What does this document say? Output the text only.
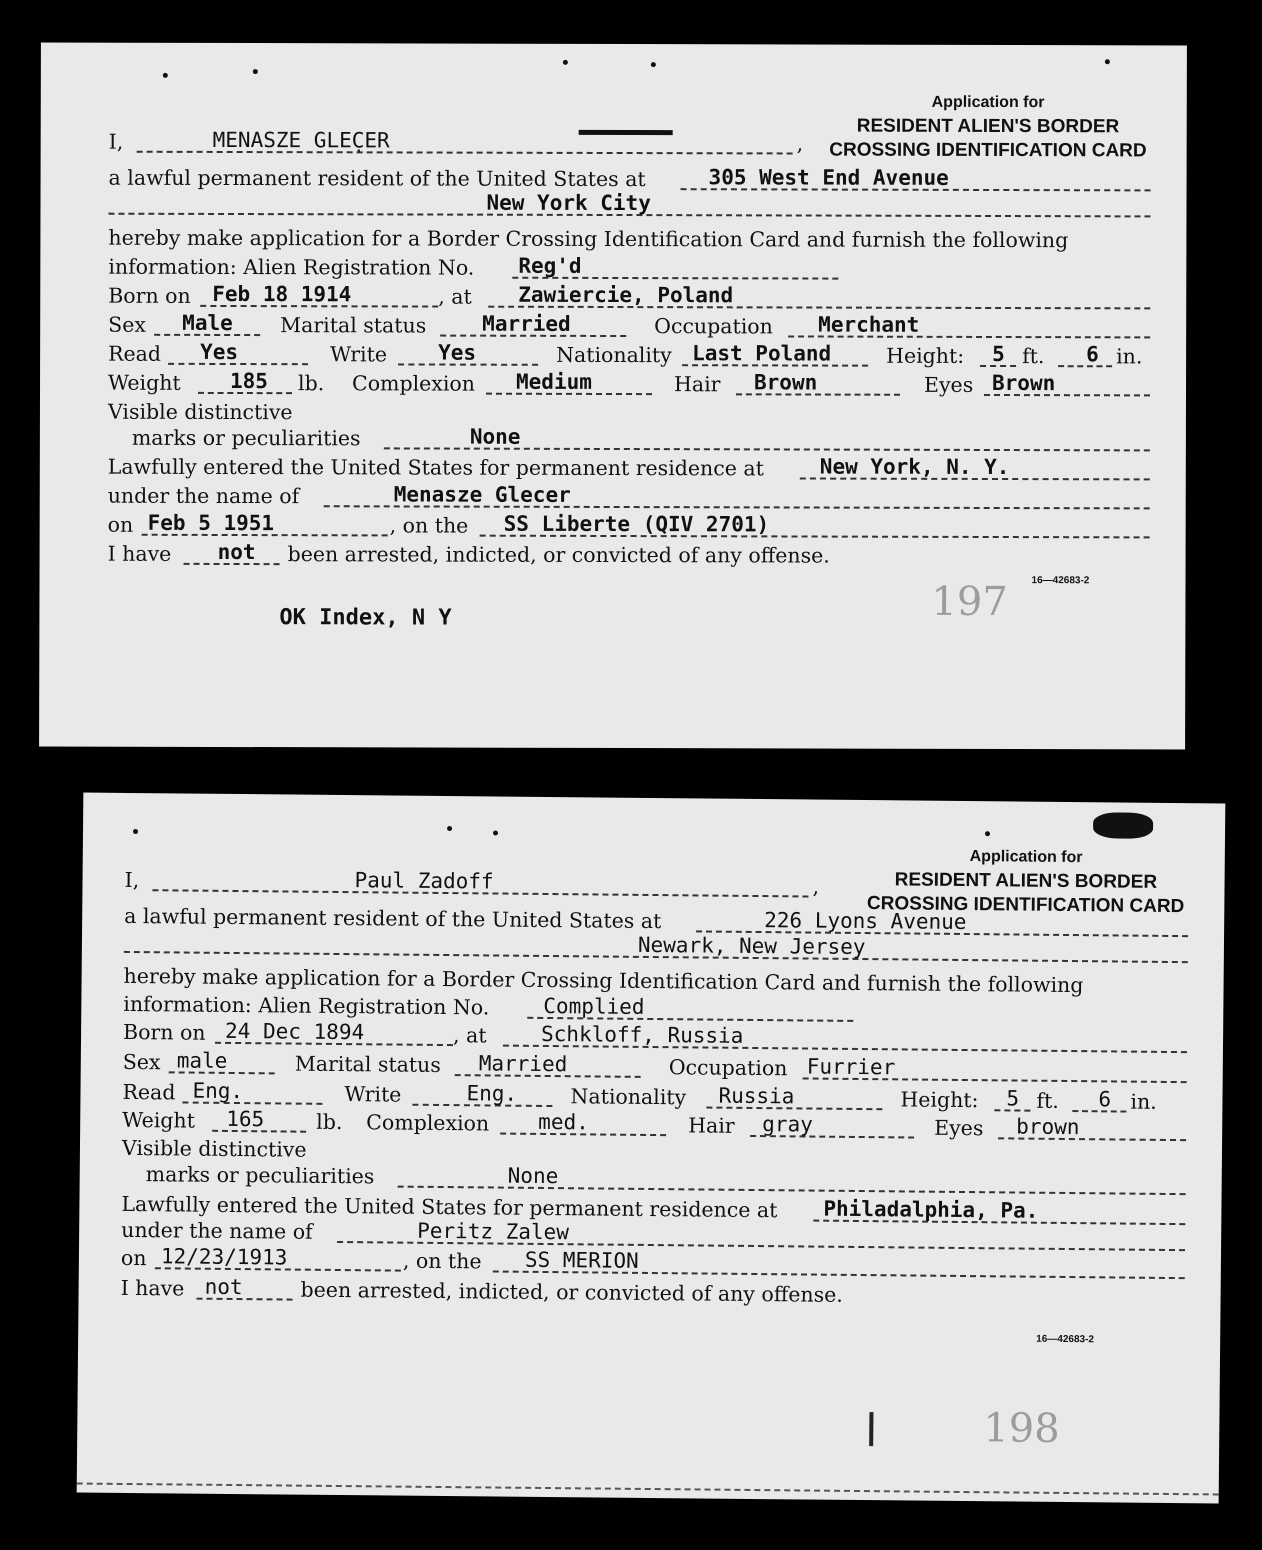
Application for
RESIDENT ALIEN'S BORDER
CROSSING IDENTIFICATION CARD
I,	MENASZE GLEC̣ER	,
a lawful permanent resident of the United States at	305 West End Avenue
New York City
hereby make application for a Border Crossing Identification Card and furnish the following
information: Alien Registration No. Reg'd
Born on Feb 18 1914	, at Zawiercie, Poland
Sex Male Marital status	Married	Occupation Merchant
Read Yes	Write Yes	Nationality Last Poland	Height: 5 ft. 6 in.
Weight 185 lb. Complexion Medium	Hair Brown	Eyes Brown
Visible distinctive
marks or peculiarities	None
Lawfully entered the United States for permanent residence at	New York, N. Y.
under the name of	Menasze Glecer
on Feb 5 1951	, on the SS Liberte (QIV 2701)
I have not been arrested, indicted, or convicted of any offense.
16—42683-2
197
OK Index, N Y
Application for
RESIDENT ALIEN'S BORDER
CROSSING IDENTIFICATION CARD
I,	Paul Zadoff	,
a lawful permanent resident of the United States at	226 Lyons Avenue
Newark, New Jersey
hereby make application for a Border Crossing Identification Card and furnish the following
information: Alien Registration No.	Complied
Born on 24 Dec 1894	, at	Schkloff, Russia
Sex male	Marital status Married	Occupation Furrier
Read Eng.	Write	Eng.	Nationality Russia	Height: 5 ft. 6 in.
Weight 165	lb. Complexion med.	Hair gray	Eyes brown
Visible distinctive
marks or peculiarities	None
Lawfully entered the United States for permanent residence at Philadalphia, Pa.
under the name of	Peritz Zalew
on 12/23/1913	, on the SS MERION
I have not	been arrested, indicted, or convicted of any offense.
16—42683-2
198
